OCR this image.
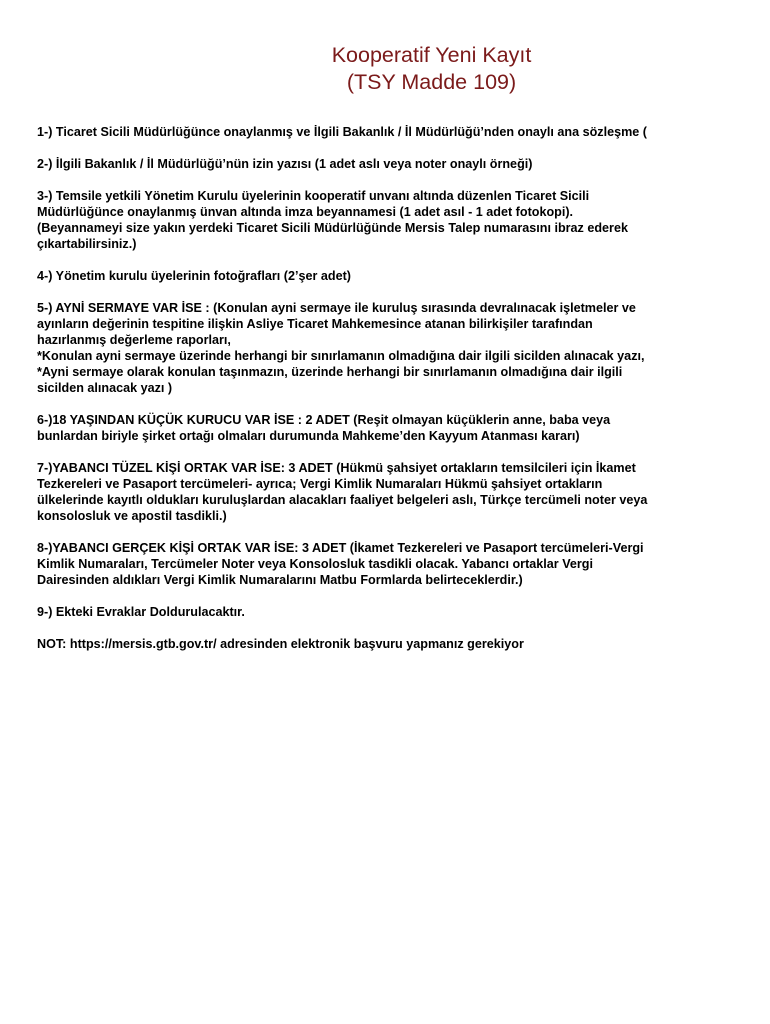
Kooperatif Yeni Kayıt
(TSY Madde 109)
1-) Ticaret Sicili Müdürlüğünce onaylanmış ve İlgili Bakanlık / İl Müdürlüğü’nden onaylı ana sözleşme (
2-) İlgili Bakanlık / İl Müdürlüğü’nün izin yazısı (1 adet aslı veya noter onaylı örneği)
3-) Temsile yetkili Yönetim Kurulu üyelerinin kooperatif unvanı altında düzenlen Ticaret Sicili
Müdürlüğünce onaylanmış ünvan altında imza beyannamesi (1 adet asıl - 1 adet fotokopi).
(Beyannameyi size yakın yerdeki Ticaret Sicili Müdürlüğünde Mersis Talep numarasını ibraz ederek
çıkartabilirsiniz.)
4-) Yönetim kurulu üyelerinin fotoğrafları (2’şer adet)
5-) AYNİ SERMAYE VAR İSE : (Konulan ayni sermaye ile kuruluş sırasında devralınacak işletmeler ve
ayınların değerinin tespitine ilişkin Asliye Ticaret Mahkemesince atanan bilirkişiler tarafından
hazırlanmış değerleme raporları,
*Konulan ayni sermaye üzerinde herhangi bir sınırlamanın olmadığına dair ilgili sicilden alınacak yazı,
*Ayni sermaye olarak konulan taşınmazın, üzerinde herhangi bir sınırlamanın olmadığına dair ilgili
sicilden alınacak yazı )
6-)18 YAŞINDAN KÜÇÜK KURUCU VAR İSE : 2 ADET (Reşit olmayan küçüklerin anne, baba veya
bunlardan biriyle şirket ortağı olmaları durumunda Mahkeme’den Kayyum Atanması kararı)
7-)YABANCI TÜZEL KİŞİ ORTAK VAR İSE: 3 ADET (Hükmü şahsiyet ortakların temsilcileri için İkamet
Tezkereleri ve Pasaport tercümeleri- ayrıca; Vergi Kimlik Numaraları Hükmü şahsiyet ortakların
ülkelerinde kayıtlı oldukları kuruluşlardan alacakları faaliyet belgeleri aslı, Türkçe tercümeli noter veya
konsolosluk ve apostil tasdikli.)
8-)YABANCI GERÇEK KİŞİ ORTAK VAR İSE: 3 ADET (İkamet Tezkereleri ve Pasaport tercümeleri-Vergi
Kimlik Numaraları, Tercümeler Noter veya Konsolosluk tasdikli olacak. Yabancı ortaklar Vergi
Dairesinden aldıkları Vergi Kimlik Numaralarını Matbu Formlarda belirteceklerdir.)
9-) Ekteki Evraklar Doldurulacaktır.
NOT: https://mersis.gtb.gov.tr/ adresinden elektronik başvuru yapmanız gerekiyor
